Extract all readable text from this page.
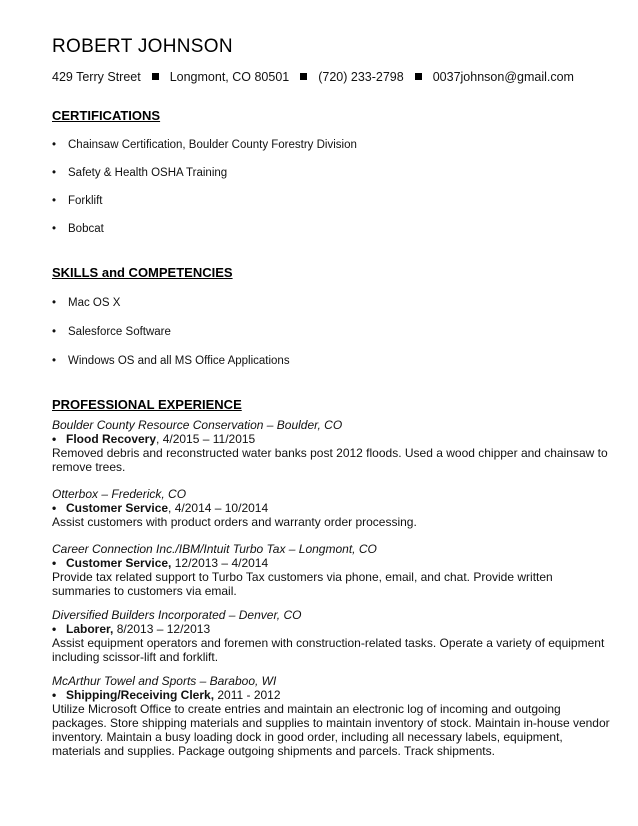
ROBERT JOHNSON
429 Terry Street Longmont, CO 80501 (720) 233-2798 0037johnson@gmail.com
CERTIFICATIONS
• Chainsaw Certification, Boulder County Forestry Division
• Safety & Health OSHA Training
• Forklift
• Bobcat
SKILLS and COMPETENCIES
• Mac OS X
• Salesforce Software
• Windows OS and all MS Office Applications
PROFESSIONAL EXPERIENCE
Boulder County Resource Conservation – Boulder, CO
• Flood Recovery, 4/2015 – 11/2015

Removed debris and reconstructed water banks post 2012 floods. Used a wood chipper and chainsaw to remove trees.

Otterbox – Frederick, CO
• Customer Service, 4/2014 – 10/2014

Assist customers with product orders and warranty order processing.

Career Connection Inc./IBM/Intuit Turbo Tax – Longmont, CO
• Customer Service, 12/2013 – 4/2014

Provide tax related support to Turbo Tax customers via phone, email, and chat. Provide written summaries to customers via email.

Diversified Builders Incorporated – Denver, CO
• Laborer, 8/2013 – 12/2013

Assist equipment operators and foremen with construction-related tasks. Operate a variety of equipment including scissor-lift and forklift.

McArthur Towel and Sports – Baraboo, WI
• Shipping/Receiving Clerk, 2011 - 2012

Utilize Microsoft Office to create entries and maintain an electronic log of incoming and outgoing packages. Store shipping materials and supplies to maintain inventory of stock. Maintain in-house vendor inventory. Maintain a busy loading dock in good order, including all necessary labels, equipment, materials and supplies. Package outgoing shipments and parcels. Track shipments.
